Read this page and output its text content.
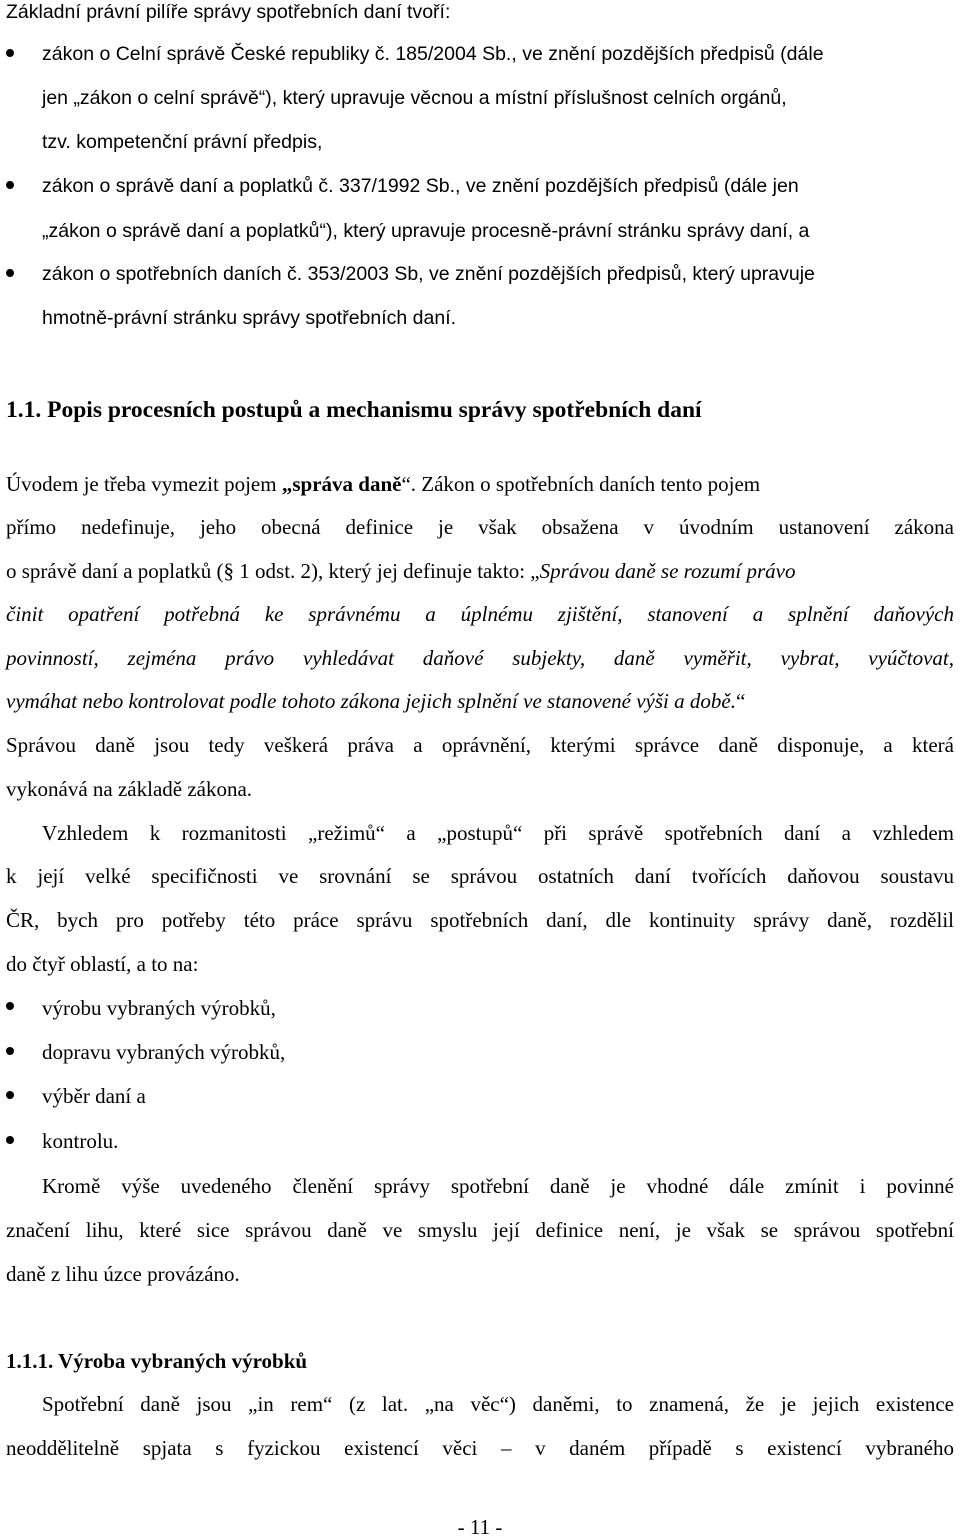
Základní právní pilíře správy spotřebních daní tvoří:
zákon o Celní správě České republiky č. 185/2004 Sb., ve znění pozdějších předpisů (dále
jen „zákon o celní správě“), který upravuje věcnou a místní příslušnost celních orgánů,
tzv. kompetenční právní předpis,
zákon o správě daní a poplatků č. 337/1992 Sb., ve znění pozdějších předpisů (dále jen
„zákon o správě daní a poplatků“), který upravuje procesně-právní stránku správy daní, a
zákon o spotřebních daních č. 353/2003 Sb, ve znění pozdějších předpisů, který upravuje
hmotně-právní stránku správy spotřebních daní.
1.1. Popis procesních postupů a mechanismu správy spotřebních daní
Úvodem je třeba vymezit pojem „správa daně“. Zákon o spotřebních daních tento pojem
přímo nedefinuje, jeho obecná definice je však obsažena v úvodním ustanovení zákona
o správě daní a poplatků (§ 1 odst. 2), který jej definuje takto: „Správou daně se rozumí právo
činit opatření potřebná ke správnému a úplnému zjištění, stanovení a splnění daňových
povinností, zejména právo vyhledávat daňové subjekty, daně vyměřit, vybrat, vyúčtovat,
vymáhat nebo kontrolovat podle tohoto zákona jejich splnění ve stanovené výši a době.“
Správou daně jsou tedy veškerá práva a oprávnění, kterými správce daně disponuje, a která
vykonává na základě zákona.
Vzhledem k rozmanitosti „režimů“ a „postupů“ při správě spotřebních daní a vzhledem
k její velké specifičnosti ve srovnání se správou ostatních daní tvořících daňovou soustavu
ČR, bych pro potřeby této práce správu spotřebních daní, dle kontinuity správy daně, rozdělil
do čtyř oblastí, a to na:
výrobu vybraných výrobků,
dopravu vybraných výrobků,
výběr daní a
kontrolu.
Kromě výše uvedeného členění správy spotřební daně je vhodné dále zmínit i povinné
značení lihu, které sice správou daně ve smyslu její definice není, je však se správou spotřební
daně z lihu úzce provázáno.
1.1.1. Výroba vybraných výrobků
Spotřební daně jsou „in rem“ (z lat. „na věc“) daněmi, to znamená, že je jejich existence
neoddělitelně spjata s fyzickou existencí věci – v daném případě s existencí vybraného
- 11 -
